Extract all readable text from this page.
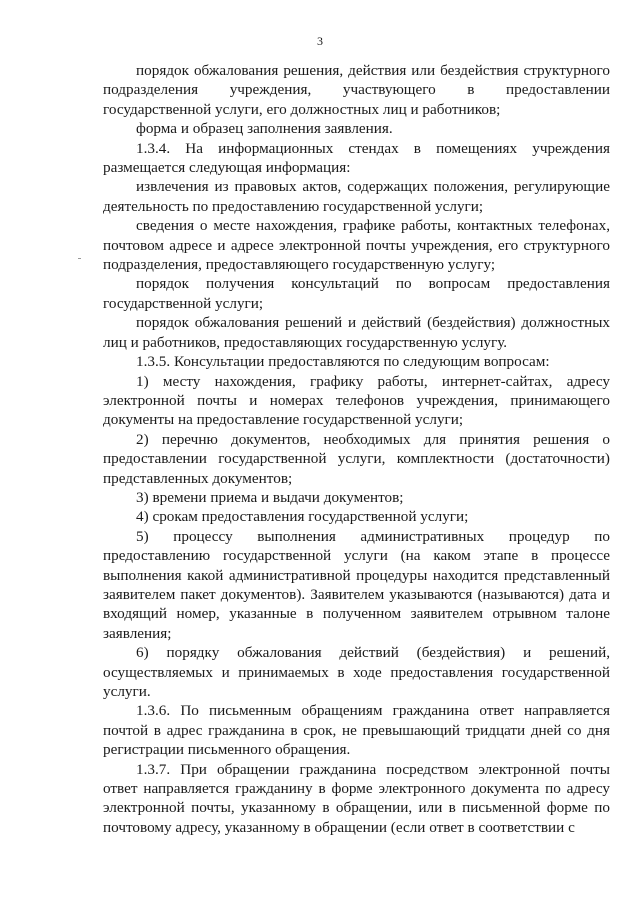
3

порядок обжалования решения, действия или бездействия структурного подразделения учреждения, участвующего в предоставлении государственной услуги, его должностных лиц и работников;

форма и образец заполнения заявления.

1.3.4. На информационных стендах в помещениях учреждения размещается следующая информация:

извлечения из правовых актов, содержащих положения, регулирующие деятельность по предоставлению государственной услуги;

сведения о месте нахождения, графике работы, контактных телефонах, почтовом адресе и адресе электронной почты учреждения, его структурного подразделения, предоставляющего государственную услугу;

порядок получения консультаций по вопросам предоставления государственной услуги;

порядок обжалования решений и действий (бездействия) должностных лиц и работников, предоставляющих государственную услугу.

1.3.5. Консультации предоставляются по следующим вопросам:

1) месту нахождения, графику работы, интернет-сайтах, адресу электронной почты и номерах телефонов учреждения, принимающего документы на предоставление государственной услуги;

2) перечню документов, необходимых для принятия решения о предоставлении государственной услуги, комплектности (достаточности) представленных документов;

3) времени приема и выдачи документов;

4) срокам предоставления государственной услуги;

5) процессу выполнения административных процедур по предоставлению государственной услуги (на каком этапе в процессе выполнения какой административной процедуры находится представленный заявителем пакет документов). Заявителем указываются (называются) дата и входящий номер, указанные в полученном заявителем отрывном талоне заявления;

6) порядку обжалования действий (бездействия) и решений, осуществляемых и принимаемых в ходе предоставления государственной услуги.

1.3.6. По письменным обращениям гражданина ответ направляется почтой в адрес гражданина в срок, не превышающий тридцати дней со дня регистрации письменного обращения.

1.3.7. При обращении гражданина посредством электронной почты ответ направляется гражданину в форме электронного документа по адресу электронной почты, указанному в обращении, или в письменной форме по почтовому адресу, указанному в обращении (если ответ в соответствии с
